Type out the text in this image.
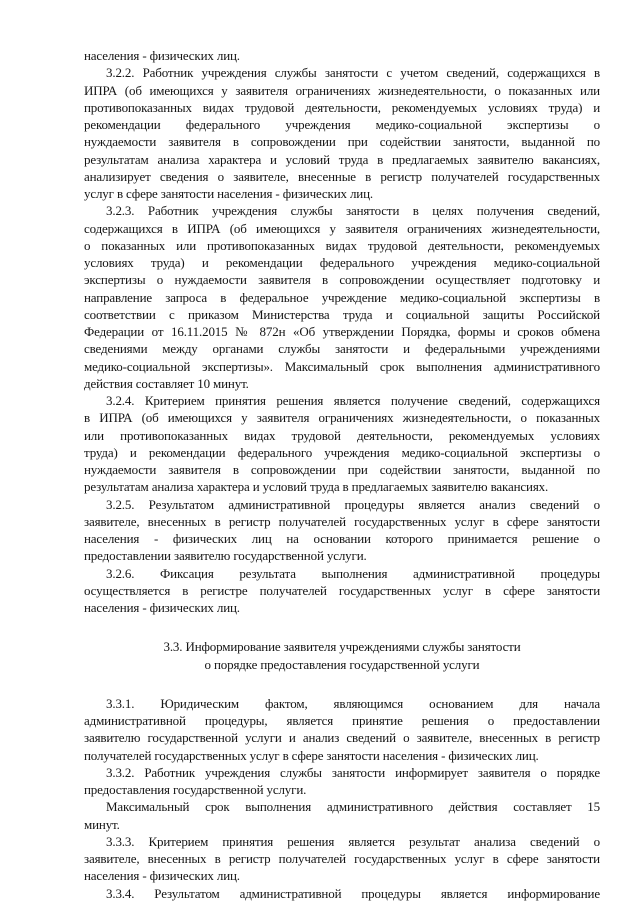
населения - физических лиц.
3.2.2. Работник учреждения службы занятости с учетом сведений, содержащихся в
ИПРА (об имеющихся у заявителя ограничениях жизнедеятельности, о показанных или
противопоказанных видах трудовой деятельности, рекомендуемых условиях труда) и
рекомендации федерального учреждения медико-социальной экспертизы о
нуждаемости заявителя в сопровождении при содействии занятости, выданной по
результатам анализа характера и условий труда в предлагаемых заявителю вакансиях,
анализирует сведения о заявителе, внесенные в регистр получателей государственных
услуг в сфере занятости населения - физических лиц.
3.2.3. Работник учреждения службы занятости в целях получения сведений,
содержащихся в ИПРА (об имеющихся у заявителя ограничениях жизнедеятельности,
о показанных или противопоказанных видах трудовой деятельности, рекомендуемых
условиях труда) и рекомендации федерального учреждения медико-социальной
экспертизы о нуждаемости заявителя в сопровождении осуществляет подготовку и
направление запроса в федеральное учреждение медико-социальной экспертизы в
соответствии с приказом Министерства труда и социальной защиты Российской
Федерации от 16.11.2015 № 872н «Об утверждении Порядка, формы и сроков обмена
сведениями между органами службы занятости и федеральными учреждениями
медико-социальной экспертизы». Максимальный срок выполнения административного
действия составляет 10 минут.
3.2.4. Критерием принятия решения является получение сведений, содержащихся
в ИПРА (об имеющихся у заявителя ограничениях жизнедеятельности, о показанных
или противопоказанных видах трудовой деятельности, рекомендуемых условиях
труда) и рекомендации федерального учреждения медико-социальной экспертизы о
нуждаемости заявителя в сопровождении при содействии занятости, выданной по
результатам анализа характера и условий труда в предлагаемых заявителю вакансиях.
3.2.5. Результатом административной процедуры является анализ сведений о
заявителе, внесенных в регистр получателей государственных услуг в сфере занятости
населения - физических лиц на основании которого принимается решение о
предоставлении заявителю государственной услуги.
3.2.6. Фиксация результата выполнения административной процедуры
осуществляется в регистре получателей государственных услуг в сфере занятости
населения - физических лиц.
3.3. Информирование заявителя учреждениями службы занятости
о порядке предоставления государственной услуги
3.3.1. Юридическим фактом, являющимся основанием для начала
административной процедуры, является принятие решения о предоставлении
заявителю государственной услуги и анализ сведений о заявителе, внесенных в регистр
получателей государственных услуг в сфере занятости населения - физических лиц.
3.3.2. Работник учреждения службы занятости информирует заявителя о порядке
предоставления государственной услуги.
Максимальный срок выполнения административного действия составляет 15
минут.
3.3.3. Критерием принятия решения является результат анализа сведений о
заявителе, внесенных в регистр получателей государственных услуг в сфере занятости
населения - физических лиц.
3.3.4. Результатом административной процедуры является информирование
